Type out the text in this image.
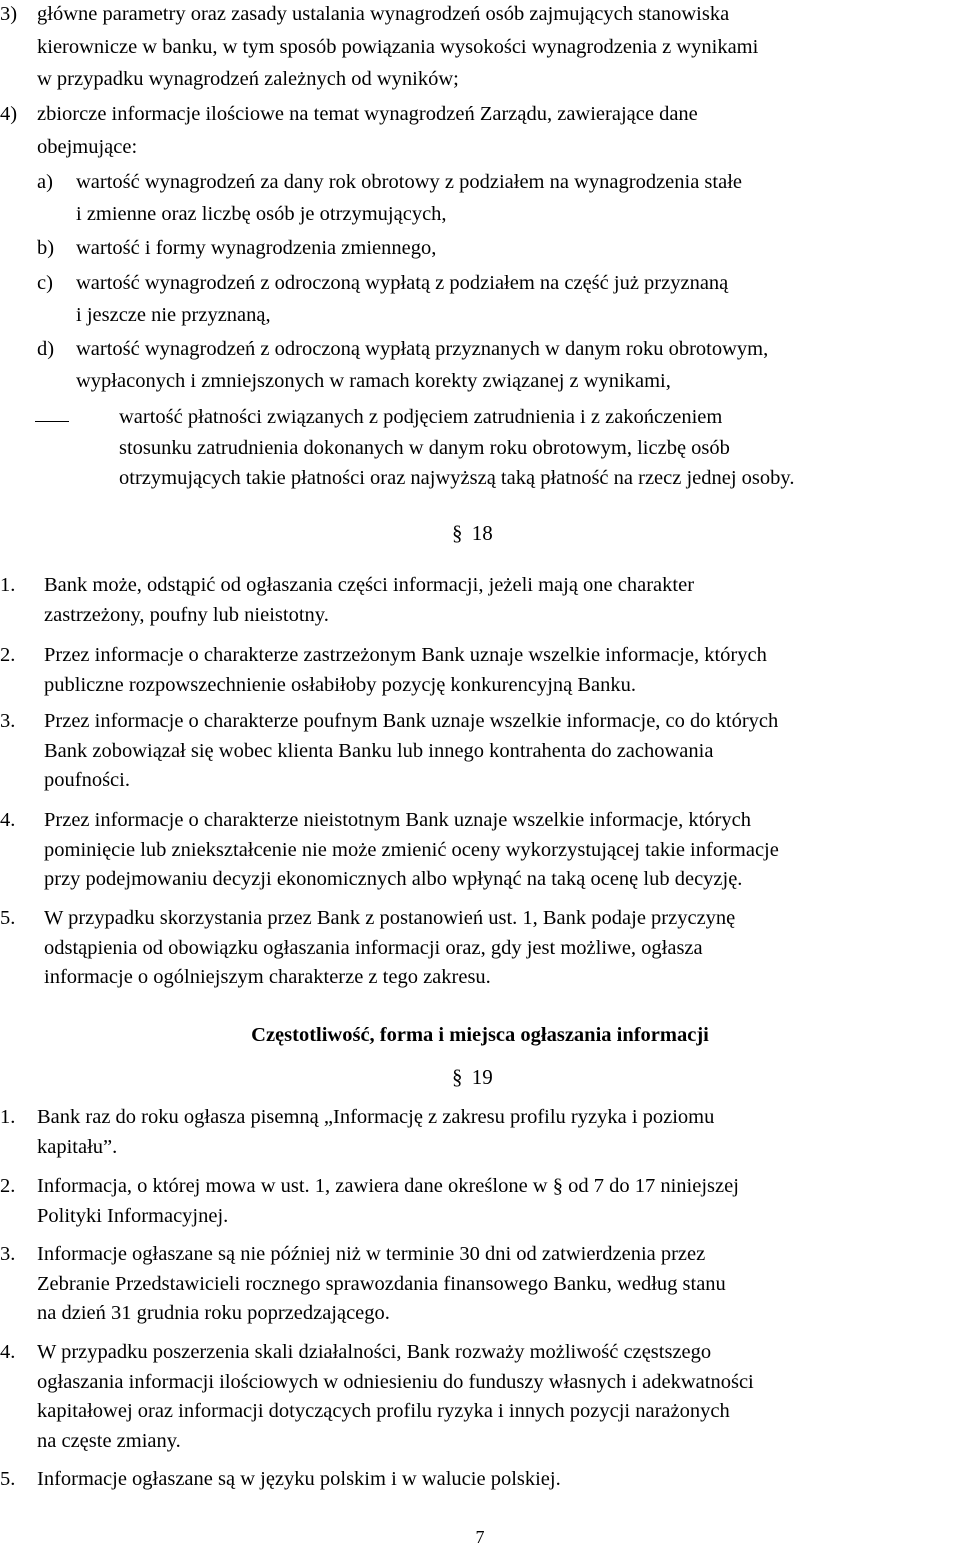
3) główne parametry oraz zasady ustalania wynagrodzeń osób zajmujących stanowiska
kierownicze w banku, w tym sposób powiązania wysokości wynagrodzenia z wynikami
w przypadku wynagrodzeń zależnych od wyników;
4) zbiorcze informacje ilościowe na temat wynagrodzeń Zarządu, zawierające dane
obejmujące:
a) wartość wynagrodzeń za dany rok obrotowy z podziałem na wynagrodzenia stałe
i zmienne oraz liczbę osób je otrzymujących,
b) wartość i formy wynagrodzenia zmiennego,
c) wartość wynagrodzeń z odroczoną wypłatą z podziałem na część już przyznaną
i jeszcze nie przyznaną,
d) wartość wynagrodzeń z odroczoną wypłatą przyznanych w danym roku obrotowym,
wypłaconych i zmniejszonych w ramach korekty związanej z wynikami,
wartość płatności związanych z podjęciem zatrudnienia i z zakończeniem
stosunku zatrudnienia dokonanych w danym roku obrotowym, liczbę osób
otrzymujących takie płatności oraz najwyższą taką płatność na rzecz jednej osoby.
§ 18
1. Bank może, odstąpić od ogłaszania części informacji, jeżeli mają one charakter
zastrzeżony, poufny lub nieistotny.
2. Przez informacje o charakterze zastrzeżonym Bank uznaje wszelkie informacje, których
publiczne rozpowszechnienie osłabiłoby pozycję konkurencyjną Banku.
3. Przez informacje o charakterze poufnym Bank uznaje wszelkie informacje, co do których
Bank zobowiązał się wobec klienta Banku lub innego kontrahenta do zachowania
poufności.
4. Przez informacje o charakterze nieistotnym Bank uznaje wszelkie informacje, których
pominięcie lub zniekształcenie nie może zmienić oceny wykorzystującej takie informacje
przy podejmowaniu decyzji ekonomicznych albo wpłynąć na taką ocenę lub decyzję.
5. W przypadku skorzystania przez Bank z postanowień ust. 1, Bank podaje przyczynę
odstąpienia od obowiązku ogłaszania informacji oraz, gdy jest możliwe, ogłasza
informacje o ogólniejszym charakterze z tego zakresu.
Częstotliwość, forma i miejsca ogłaszania informacji
§ 19
1. Bank raz do roku ogłasza pisemną „Informację z zakresu profilu ryzyka i poziomu
kapitału”.
2. Informacja, o której mowa w ust. 1, zawiera dane określone w § od 7 do 17 niniejszej
Polityki Informacyjnej.
3. Informacje ogłaszane są nie później niż w terminie 30 dni od zatwierdzenia przez
Zebranie Przedstawicieli rocznego sprawozdania finansowego Banku, według stanu
na dzień 31 grudnia roku poprzedzającego.
4. W przypadku poszerzenia skali działalności, Bank rozważy możliwość częstszego
ogłaszania informacji ilościowych w odniesieniu do funduszy własnych i adekwatności
kapitałowej oraz informacji dotyczących profilu ryzyka i innych pozycji narażonych
na częste zmiany.
5. Informacje ogłaszane są w języku polskim i w walucie polskiej.
7
